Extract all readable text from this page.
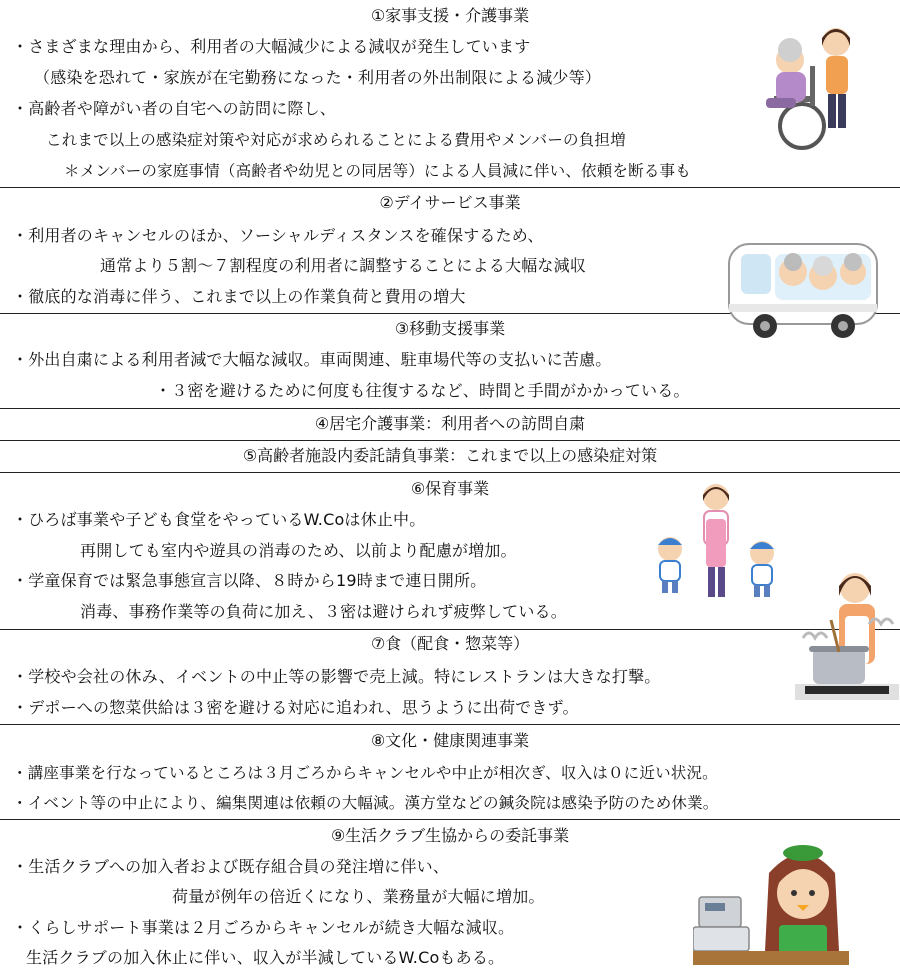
①家事支援・介護事業
・さまざまな理由から、利用者の大幅減少による減収が発生しています
（感染を恐れて・家族が在宅勤務になった・利用者の外出制限による減少等）
・高齢者や障がい者の自宅への訪問に際し、
これまで以上の感染症対策や対応が求められることによる費用やメンバーの負担増
＊メンバーの家庭事情（高齢者や幼児との同居等）による人員減に伴い、依頼を断る事も
②デイサービス事業
・利用者のキャンセルのほか、ソーシャルディスタンスを確保するため、
通常より５割～７割程度の利用者に調整することによる大幅な減収
・徹底的な消毒に伴う、これまで以上の作業負荷と費用の増大
③移動支援事業
・外出自粛による利用者減で大幅な減収。車両関連、駐車場代等の支払いに苦慮。
・３密を避けるために何度も往復するなど、時間と手間がかかっている。
④居宅介護事業：利用者への訪問自粛
⑤高齢者施設内委託請負事業：これまで以上の感染症対策
⑥保育事業
・ひろば事業や子ども食堂をやっているW.Coは休止中。
再開しても室内や遊具の消毒のため、以前より配慮が増加。
・学童保育では緊急事態宣言以降、８時から19時まで連日開所。
消毒、事務作業等の負荷に加え、３密は避けられず疲弊している。
⑦食（配食・惣菜等）
・学校や会社の休み、イベントの中止等の影響で売上減。特にレストランは大きな打撃。
・デポーへの惣菜供給は３密を避ける対応に追われ、思うように出荷できず。
⑧文化・健康関連事業
・講座事業を行なっているところは３月ごろからキャンセルや中止が相次ぎ、収入は０に近い状況。
・イベント等の中止により、編集関連は依頼の大幅減。漢方堂などの鍼灸院は感染予防のため休業。
⑨生活クラブ生協からの委託事業
・生活クラブへの加入者および既存組合員の発注増に伴い、
荷量が例年の倍近くになり、業務量が大幅に増加。
・くらしサポート事業は２月ごろからキャンセルが続き大幅な減収。
生活クラブの加入休止に伴い、収入が半減しているW.Coもある。
